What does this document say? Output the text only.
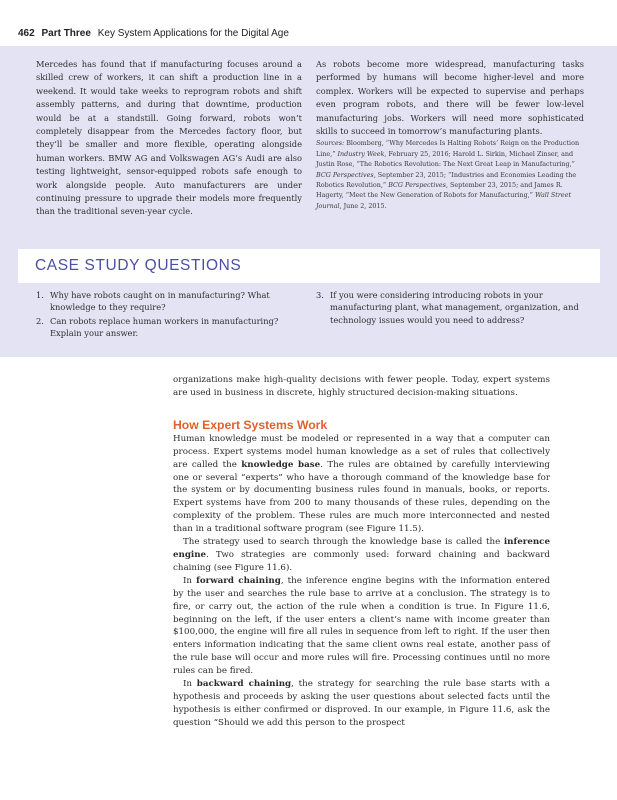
462 Part Three Key System Applications for the Digital Age

Mercedes has found that if manufacturing focuses around a skilled crew of workers, it can shift a production line in a weekend. It would take weeks to reprogram robots and shift assembly patterns, and during that downtime, production would be at a standstill. Going forward, robots won’t completely disappear from the Mercedes factory floor, but they’ll be smaller and more flexible, operating alongside human workers. BMW AG and Volkswagen AG’s Audi are also testing lightweight, sensor-equipped robots safe enough to work alongside people. Auto manufacturers are under continuing pressure to upgrade their models more frequently than the traditional seven-year cycle.

As robots become more widespread, manufacturing tasks performed by humans will become higher-level and more complex. Workers will be expected to supervise and perhaps even program robots, and there will be fewer low-level manufacturing jobs. Workers will need more sophisticated skills to succeed in tomorrow’s manufacturing plants.

Sources: Bloomberg, “Why Mercedes Is Halting Robots’ Reign on the Production Line,” Industry Week, February 25, 2016; Harold L. Sirkin, Michael Zinser, and Justin Rose, “The Robotics Revolution: The Next Great Leap in Manufacturing,” BCG Perspectives, September 23, 2015; “Industries and Economies Leading the Robotics Revolution,” BCG Perspectives, September 23, 2015; and James R. Hagerty, “Meet the New Generation of Robots for Manufacturing,” Wall Street Journal, June 2, 2015.

CASE STUDY QUESTIONS
1. Why have robots caught on in manufacturing? What knowledge to they require?
2. Can robots replace human workers in manufacturing? Explain your answer.
3. If you were considering introducing robots in your manufacturing plant, what management, organization, and technology issues would you need to address?

organizations make high-quality decisions with fewer people. Today, expert systems are used in business in discrete, highly structured decision-making situations.

How Expert Systems Work

Human knowledge must be modeled or represented in a way that a computer can process. Expert systems model human knowledge as a set of rules that collectively are called the knowledge base. The rules are obtained by carefully interviewing one or several “experts” who have a thorough command of the knowledge base for the system or by documenting business rules found in manuals, books, or reports. Expert systems have from 200 to many thousands of these rules, depending on the complexity of the problem. These rules are much more interconnected and nested than in a traditional software program (see Figure 11.5).

The strategy used to search through the knowledge base is called the inference engine. Two strategies are commonly used: forward chaining and backward chaining (see Figure 11.6).

In forward chaining, the inference engine begins with the information entered by the user and searches the rule base to arrive at a conclusion. The strategy is to fire, or carry out, the action of the rule when a condition is true. In Figure 11.6, beginning on the left, if the user enters a client’s name with income greater than $100,000, the engine will fire all rules in sequence from left to right. If the user then enters information indicating that the same client owns real estate, another pass of the rule base will occur and more rules will fire. Processing continues until no more rules can be fired.

In backward chaining, the strategy for searching the rule base starts with a hypothesis and proceeds by asking the user questions about selected facts until the hypothesis is either confirmed or disproved. In our example, in Figure 11.6, ask the question “Should we add this person to the prospect
